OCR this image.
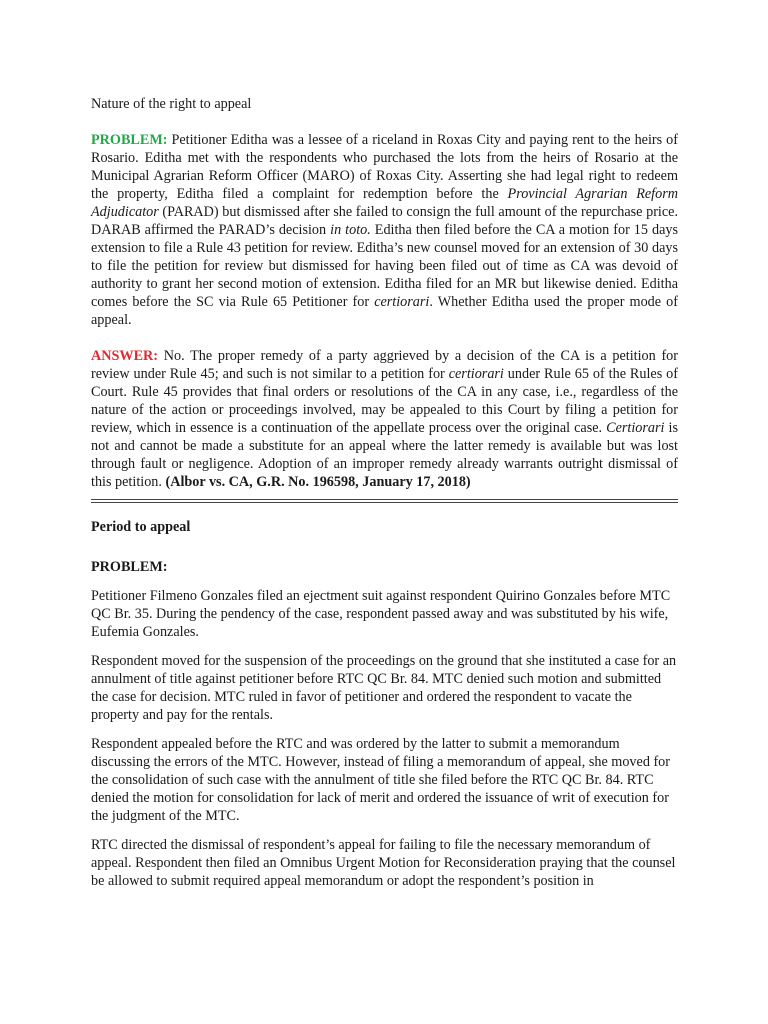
Nature of the right to appeal

PROBLEM: Petitioner Editha was a lessee of a riceland in Roxas City and paying rent to the heirs of Rosario. Editha met with the respondents who purchased the lots from the heirs of Rosario at the Municipal Agrarian Reform Officer (MARO) of Roxas City. Asserting she had legal right to redeem the property, Editha filed a complaint for redemption before the Provincial Agrarian Reform Adjudicator (PARAD) but dismissed after she failed to consign the full amount of the repurchase price. DARAB affirmed the PARAD’s decision in toto. Editha then filed before the CA a motion for 15 days extension to file a Rule 43 petition for review. Editha’s new counsel moved for an extension of 30 days to file the petition for review but dismissed for having been filed out of time as CA was devoid of authority to grant her second motion of extension. Editha filed for an MR but likewise denied. Editha comes before the SC via Rule 65 Petitioner for certiorari. Whether Editha used the proper mode of appeal.

ANSWER: No. The proper remedy of a party aggrieved by a decision of the CA is a petition for review under Rule 45; and such is not similar to a petition for certiorari under Rule 65 of the Rules of Court. Rule 45 provides that final orders or resolutions of the CA in any case, i.e., regardless of the nature of the action or proceedings involved, may be appealed to this Court by filing a petition for review, which in essence is a continuation of the appellate process over the original case. Certiorari is not and cannot be made a substitute for an appeal where the latter remedy is available but was lost through fault or negligence. Adoption of an improper remedy already warrants outright dismissal of this petition. (Albor vs. CA, G.R. No. 196598, January 17, 2018)

Period to appeal

PROBLEM:

Petitioner Filmeno Gonzales filed an ejectment suit against respondent Quirino Gonzales before MTC QC Br. 35. During the pendency of the case, respondent passed away and was substituted by his wife, Eufemia Gonzales.

Respondent moved for the suspension of the proceedings on the ground that she instituted a case for an annulment of title against petitioner before RTC QC Br. 84. MTC denied such motion and submitted the case for decision. MTC ruled in favor of petitioner and ordered the respondent to vacate the property and pay for the rentals.

Respondent appealed before the RTC and was ordered by the latter to submit a memorandum discussing the errors of the MTC. However, instead of filing a memorandum of appeal, she moved for the consolidation of such case with the annulment of title she filed before the RTC QC Br. 84. RTC denied the motion for consolidation for lack of merit and ordered the issuance of writ of execution for the judgment of the MTC.

RTC directed the dismissal of respondent’s appeal for failing to file the necessary memorandum of appeal. Respondent then filed an Omnibus Urgent Motion for Reconsideration praying that the counsel be allowed to submit required appeal memorandum or adopt the respondent’s position in
